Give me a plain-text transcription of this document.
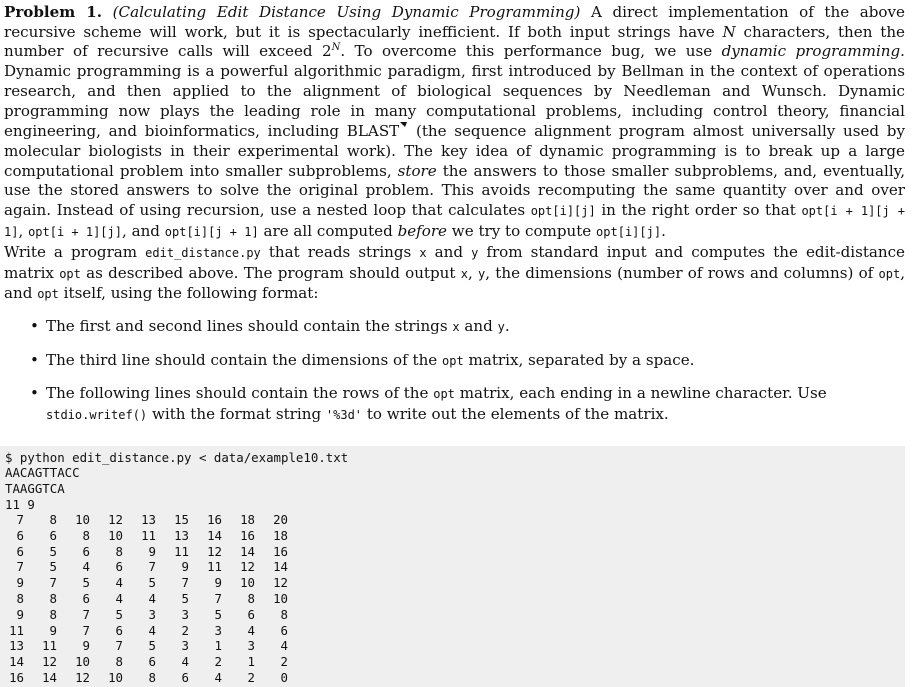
Problem 1. (Calculating Edit Distance Using Dynamic Programming) A direct implementation of the above recursive scheme will work, but it is spectacularly inefficient. If both input strings have N characters, then the number of recursive calls will exceed $2^N$. To overcome this performance bug, we use dynamic programming. Dynamic programming is a powerful algorithmic paradigm, first introduced by Bellman in the context of operations research, and then applied to the alignment of biological sequences by Needleman and Wunsch. Dynamic programming now plays the leading role in many computational problems, including control theory, financial engineering, and bioinformatics, including BLAST (the sequence alignment program almost universally used by molecular biologists in their experimental work). The key idea of dynamic programming is to break up a large computational problem into smaller subproblems, store the answers to those smaller subproblems, and, eventually, use the stored answers to solve the original problem. This avoids recomputing the same quantity over and over again. Instead of using recursion, use a nested loop that calculates opt[i][j] in the right order so that opt[i + 1][j + 1], opt[i + 1][j], and opt[i][j + 1] are all computed before we try to compute opt[i][j].
Write a program edit_distance.py that reads strings x and y from standard input and computes the edit-distance matrix opt as described above. The program should output x, y, the dimensions (number of rows and columns) of opt, and opt itself, using the following format:
• The first and second lines should contain the strings x and y.
• The third line should contain the dimensions of the opt matrix, separated by a space.
• The following lines should contain the rows of the opt matrix, each ending in a newline character. Use stdio.writef() with the format string '%3d' to write out the elements of the matrix.
$ python edit_distance.py < data/example10.txt
AACAGTTACC
TAAGGTCA
11 9
7 8 10 12 13 15 16 18 20
6 6 8 10 11 13 14 16 18
6 5 6 8 9 11 12 14 16
7 5 4 6 7 9 11 12 14
9 7 5 4 5 7 9 10 12
8 8 6 4 4 5 7 8 10
9 8 7 5 3 3 5 6 8
11 9 7 6 4 2 3 4 6
13 11 9 7 5 3 1 3 4
14 12 10 8 6 4 2 1 2
16 14 12 10 8 6 4 2 0
